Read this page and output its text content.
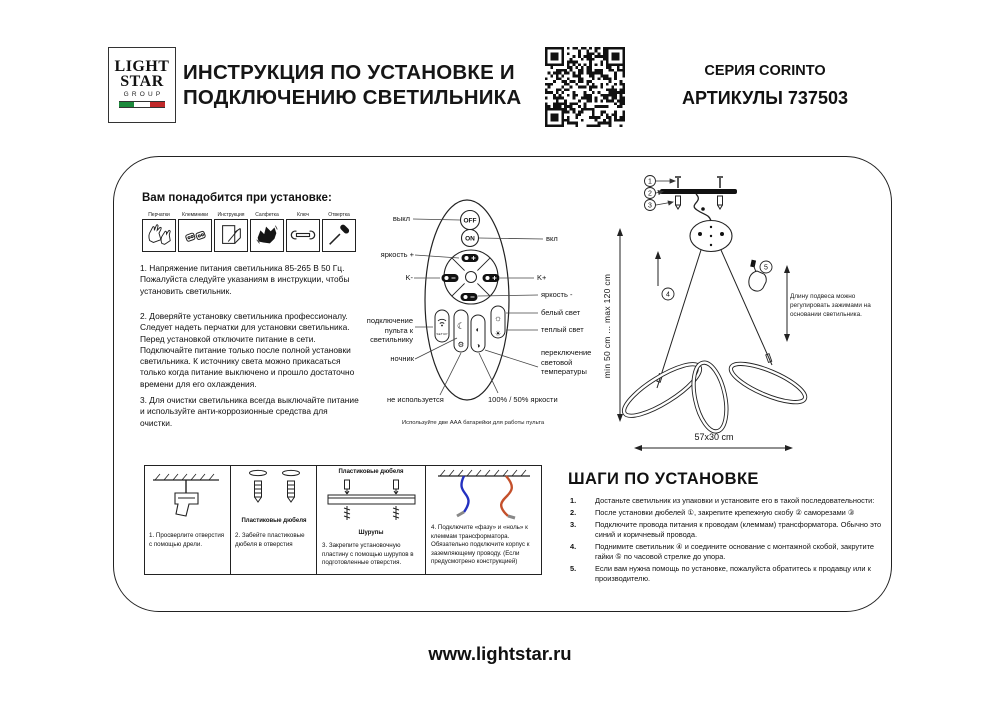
LIGHT
STAR
GROUP
ИНСТРУКЦИЯ ПО УСТАНОВКЕ И
ПОДКЛЮЧЕНИЮ СВЕТИЛЬНИКА
СЕРИЯ CORINTO
АРТИКУЛЫ 737503
Вам понадобится при установке:
Перчатки	Клеммники	Инструкция	Салфетка	Ключ	Отвертка
1. Напряжение питания светильника 85-265 В 50 Гц. Пожалуйста следуйте указаниям в инструкции, чтобы установить светильник.
2. Доверяйте установку светильника профессионалу. Следует надеть перчатки для установки светильника. Перед установкой отключите питание в сети. Подключайте питание только после полной установки светильника. К источнику света можно прикасаться только когда питание выключено и прошло достаточно времени для его охлаждения.
3. Для очистки светильника всегда выключайте питание и используйте анти-коррозионные средства для очистки.
OFF
ON
SETUP
☾
⚙
◐
◑
☼
☀
выкл
вкл
яркость +
K-	K+
яркость -
белый свет
теплый свет
подключение пульта к светильнику
ночник
не используется
переключение световой температуры
100% / 50% яркости
Используйте две ААА батарейки для работы пульта
1
2
3
4
5
min 50 cm ... max 120 cm
57x30 cm
Длину подвеса можно регулировать зажимами на основании светильника.
1. Просверлите отверстия с помощью дрели.
Пластиковые дюбеля
2. Забейте пластиковые дюбеля в отверстия
Пластиковые дюбеля
Шурупы
3. Закрепите установочную пластину с помощью шурупов в подготовленные отверстия.
4. Подключите «фазу» и «ноль» к клеммам трансформатора. Обязательно подключите корпус к заземляющему проводу. (Если предусмотрено конструкцией)
ШАГИ ПО УСТАНОВКЕ
1.	Достаньте светильник из упаковки и установите его в такой последовательности:
2.	После установки дюбелей ①, закрепите крепежную скобу ② саморезами ③
3.	Подключите провода питания к проводам (клеммам) трансформатора. Обычно это синий и коричневый провода.
4.	Поднимите светильник ④ и соедините основание с монтажной скобой, закрутите гайки ⑤ по часовой стрелке до упора.
5.	Если вам нужна помощь по установке, пожалуйста обратитесь к продавцу или к производителю.
www.lightstar.ru
